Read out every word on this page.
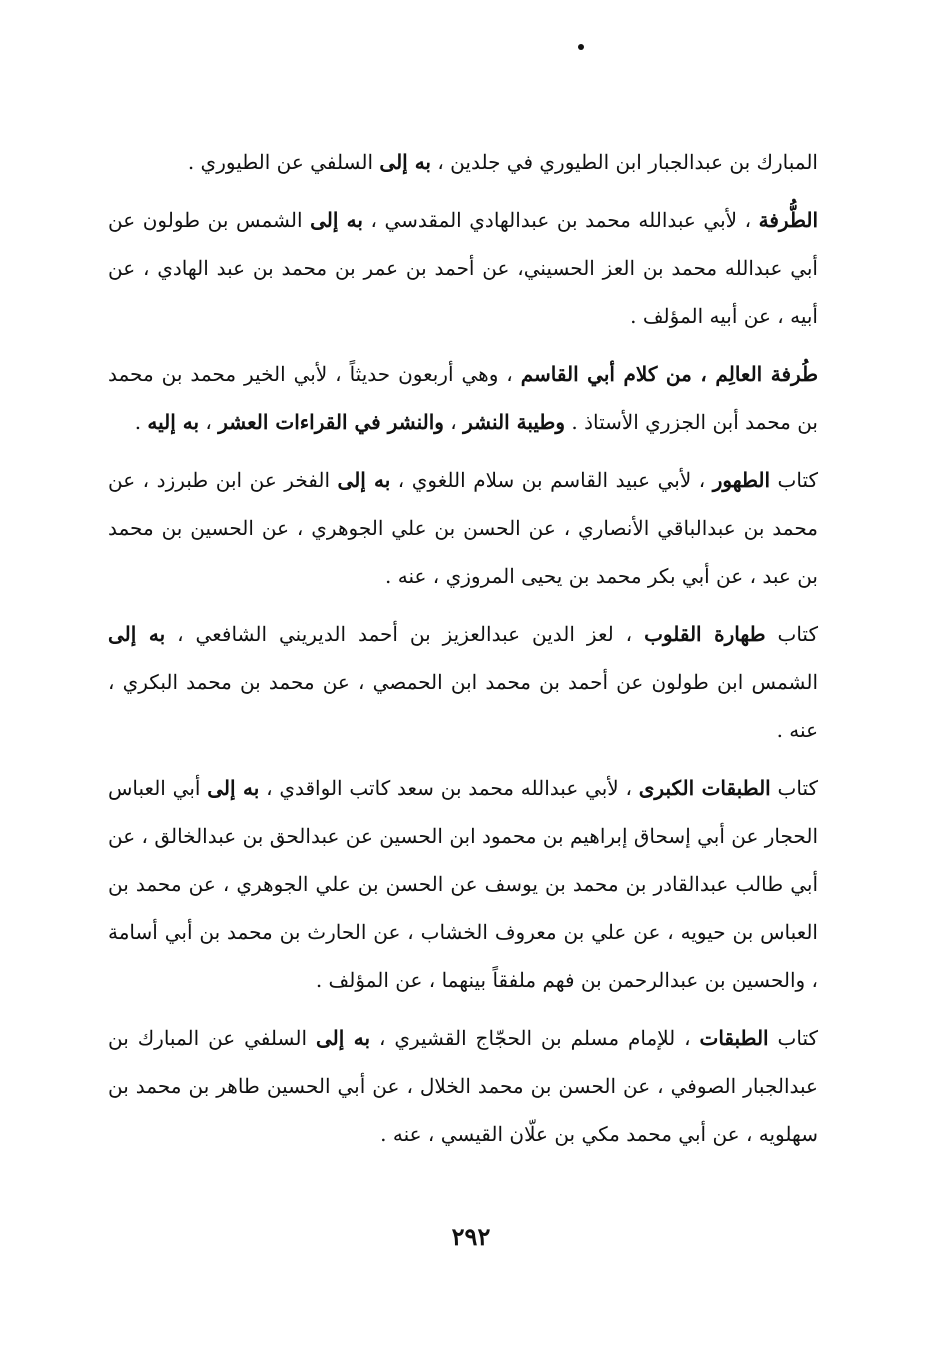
المبارك بن عبدالجبار ابن الطيوري في جلدين ، به إلى السلفي عن الطيوري .

الطُّرفة ، لأبي عبدالله محمد بن عبدالهادي المقدسي ، به إلى الشمس بن طولون عن أبي عبدالله محمد بن العز الحسيني، عن أحمد بن عمر بن محمد بن عبد الهادي ، عن أبيه ، عن أبيه المؤلف .

طُرفة العالِم ، من كلام أبي القاسم ، وهي أربعون حديثاً ، لأبي الخير محمد بن محمد بن محمد أبن الجزري الأستاذ . وطيبة النشر ، والنشر في القراءات العشر ، به إليه .

كتاب الطهور ، لأبي عبيد القاسم بن سلام اللغوي ، به إلى الفخر عن ابن طبرزد ، عن محمد بن عبدالباقي الأنصاري ، عن الحسن بن علي الجوهري ، عن الحسين بن محمد بن عبد ، عن أبي بكر محمد بن يحيى المروزي ، عنه .

كتاب طهارة القلوب ، لعز الدين عبدالعزيز بن أحمد الديريني الشافعي ، به إلى الشمس ابن طولون عن أحمد بن محمد ابن الحمصي ، عن محمد بن محمد البكري ، عنه .

كتاب الطبقات الكبرى ، لأبي عبدالله محمد بن سعد كاتب الواقدي ، به إلى أبي العباس الحجار عن أبي إسحاق إبراهيم بن محمود ابن الحسين عن عبدالحق بن عبدالخالق ، عن أبي طالب عبدالقادر بن محمد بن يوسف عن الحسن بن علي الجوهري ، عن محمد بن العباس بن حيويه ، عن علي بن معروف الخشاب ، عن الحارث بن محمد بن أبي أسامة ، والحسين بن عبدالرحمن بن فهم ملفقاً بينهما ، عن المؤلف .

كتاب الطبقات ، للإمام مسلم بن الحجّاج القشيري ، به إلى السلفي عن المبارك بن عبدالجبار الصوفي ، عن الحسن بن محمد الخلال ، عن أبي الحسين طاهر بن محمد بن سهلويه ، عن أبي محمد مكي بن علّان القيسي ، عنه .

٢٩٢
